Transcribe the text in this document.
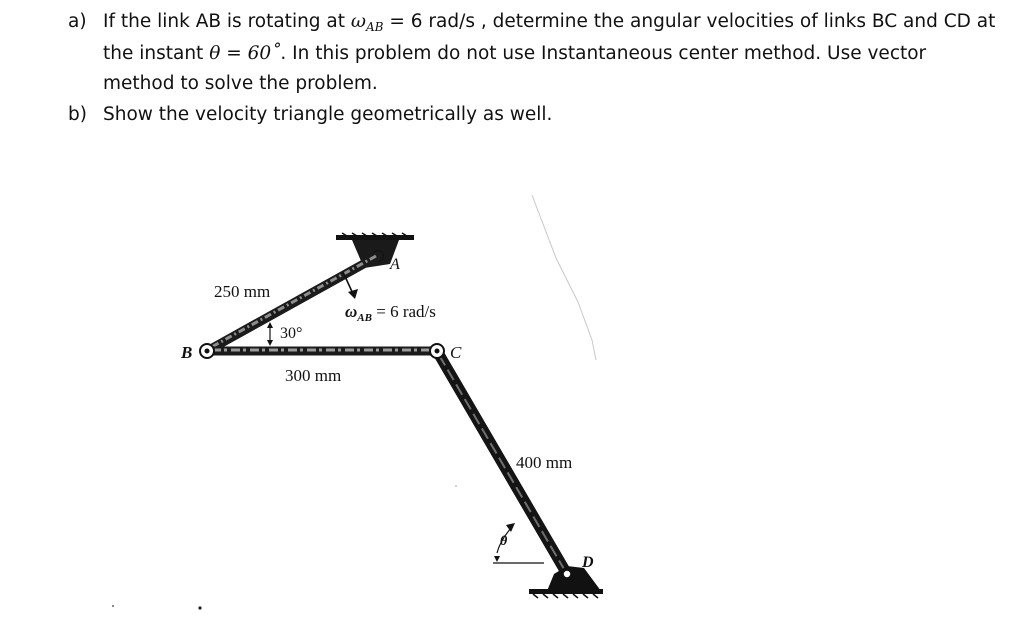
a) If the link AB is rotating at $\omega_{AB} = 6$ rad/s , determine the angular velocities of links BC and CD at
the instant θ = 60˚. In this problem do not use Instantaneous center method. Use vector
method to solve the problem.
b) Show the velocity triangle geometrically as well.
A
B	C
D
250 mm
30°
$\omega_{AB} = 6$ rad/s
300 mm
400 mm
θ
